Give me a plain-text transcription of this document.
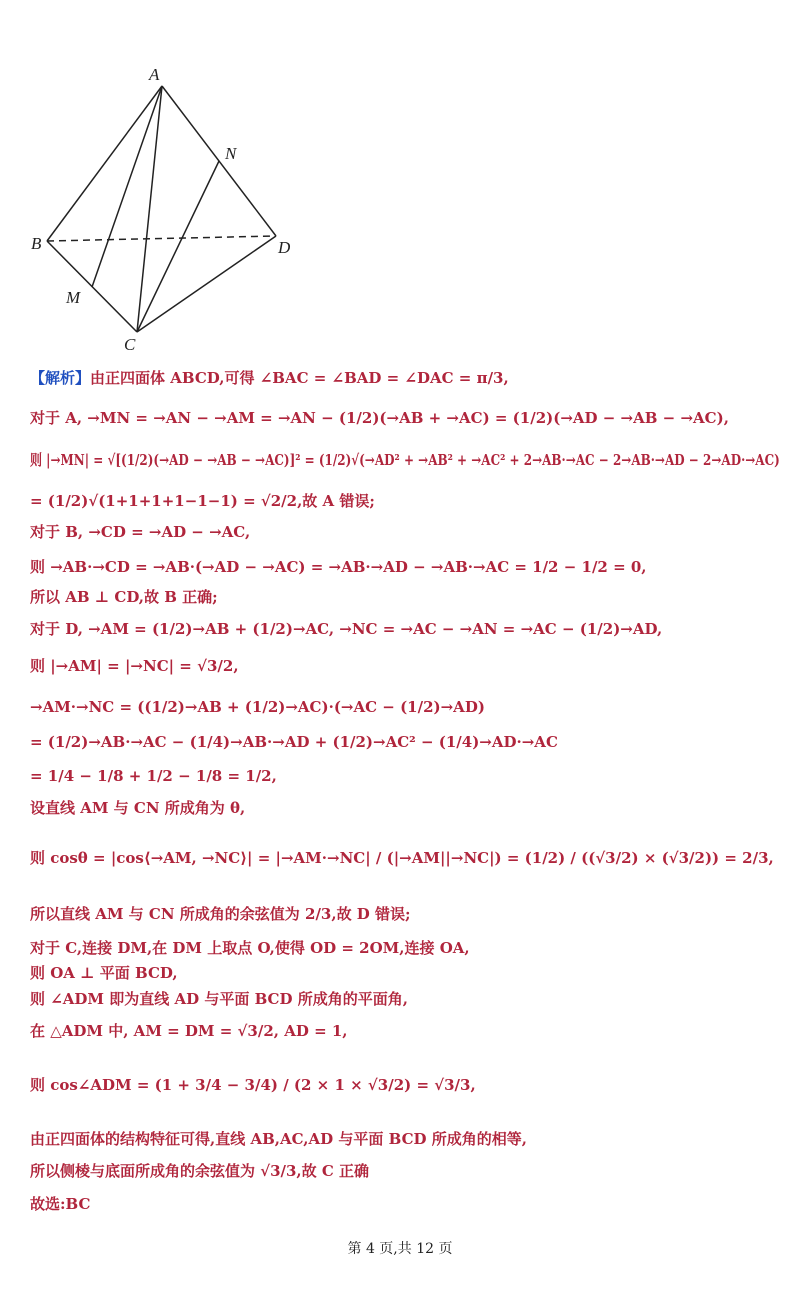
A
B
C
D
M
N
【解析】由正四面体 ABCD,可得 ∠BAC = ∠BAD = ∠DAC = π/3,
对于 A, →MN = →AN − →AM = →AN − (1/2)(→AB + →AC) = (1/2)(→AD − →AB − →AC),
则 |→MN| = √[(1/2)(→AD − →AB − →AC)]² = (1/2)√(→AD² + →AB² + →AC² + 2→AB·→AC − 2→AB·→AD − 2→AD·→AC)
= (1/2)√(1+1+1+1−1−1) = √2/2,故 A 错误;
对于 B, →CD = →AD − →AC,
则 →AB·→CD = →AB·(→AD − →AC) = →AB·→AD − →AB·→AC = 1/2 − 1/2 = 0,
所以 AB ⊥ CD,故 B 正确;
对于 D, →AM = (1/2)→AB + (1/2)→AC, →NC = →AC − →AN = →AC − (1/2)→AD,
则 |→AM| = |→NC| = √3/2,
→AM·→NC = ((1/2)→AB + (1/2)→AC)·(→AC − (1/2)→AD)
= (1/2)→AB·→AC − (1/4)→AB·→AD + (1/2)→AC² − (1/4)→AD·→AC
= 1/4 − 1/8 + 1/2 − 1/8 = 1/2,
设直线 AM 与 CN 所成角为 θ,
则 cosθ = |cos⟨→AM, →NC⟩| = |→AM·→NC| / (|→AM||→NC|) = (1/2) / ((√3/2) × (√3/2)) = 2/3,
所以直线 AM 与 CN 所成角的余弦值为 2/3,故 D 错误;
对于 C,连接 DM,在 DM 上取点 O,使得 OD = 2OM,连接 OA,
则 OA ⊥ 平面 BCD,
则 ∠ADM 即为直线 AD 与平面 BCD 所成角的平面角,
在 △ADM 中, AM = DM = √3/2, AD = 1,
则 cos∠ADM = (1 + 3/4 − 3/4) / (2 × 1 × √3/2) = √3/3,
由正四面体的结构特征可得,直线 AB,AC,AD 与平面 BCD 所成角的相等,
所以侧棱与底面所成角的余弦值为 √3/3,故 C 正确
故选:BC
第 4 页,共 12 页
